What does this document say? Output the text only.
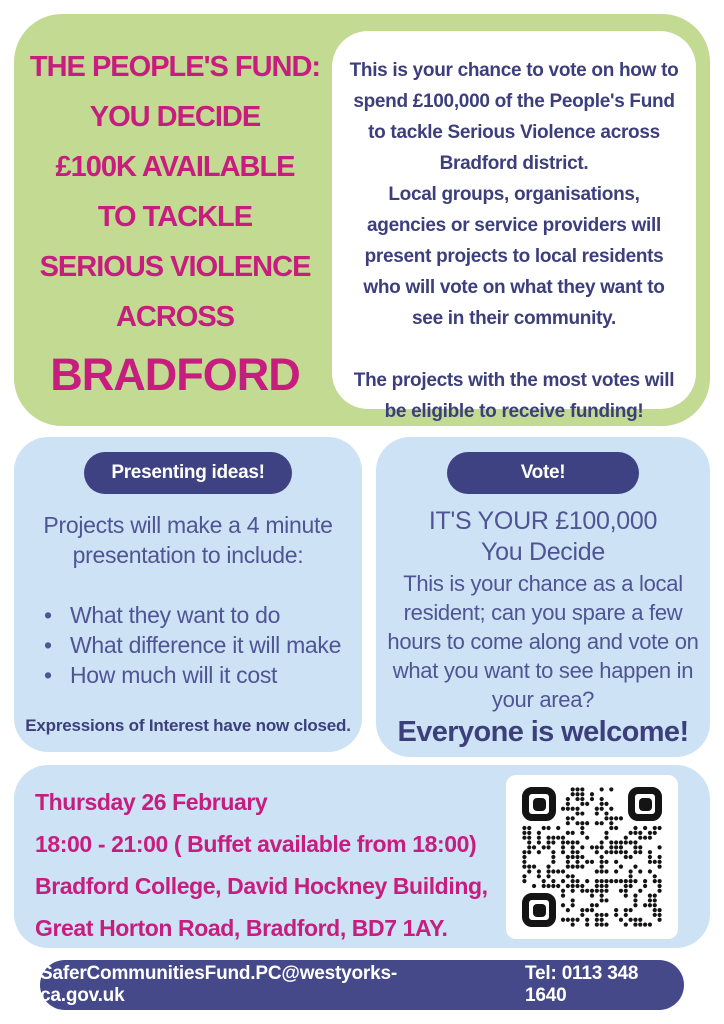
THE PEOPLE'S FUND:
YOU DECIDE
£100K AVAILABLE
TO TACKLE
SERIOUS VIOLENCE
ACROSS
BRADFORD

This is your chance to vote on how to spend £100,000 of the People's Fund to tackle Serious Violence across Bradford district.

Local groups, organisations, agencies or service providers will present projects to local residents who will vote on what they want to see in their community.

The projects with the most votes will be eligible to receive funding!

Presenting ideas!

Projects will make a 4 minute presentation to include:

• What they want to do
• What difference it will make
• How much will it cost

Expressions of Interest have now closed.

Vote!

IT'S YOUR £100,000

You Decide

This is your chance as a local resident; can you spare a few hours to come along and vote on what you want to see happen in your area?

Everyone is welcome!

Thursday 26 February
18:00 - 21:00 ( Buffet available from 18:00)
Bradford College, David Hockney Building,
Great Horton Road, Bradford, BD7 1AY.
SaferCommunitiesFund.PC@westyorks-ca.gov.uk
Tel: 0113 348 1640
